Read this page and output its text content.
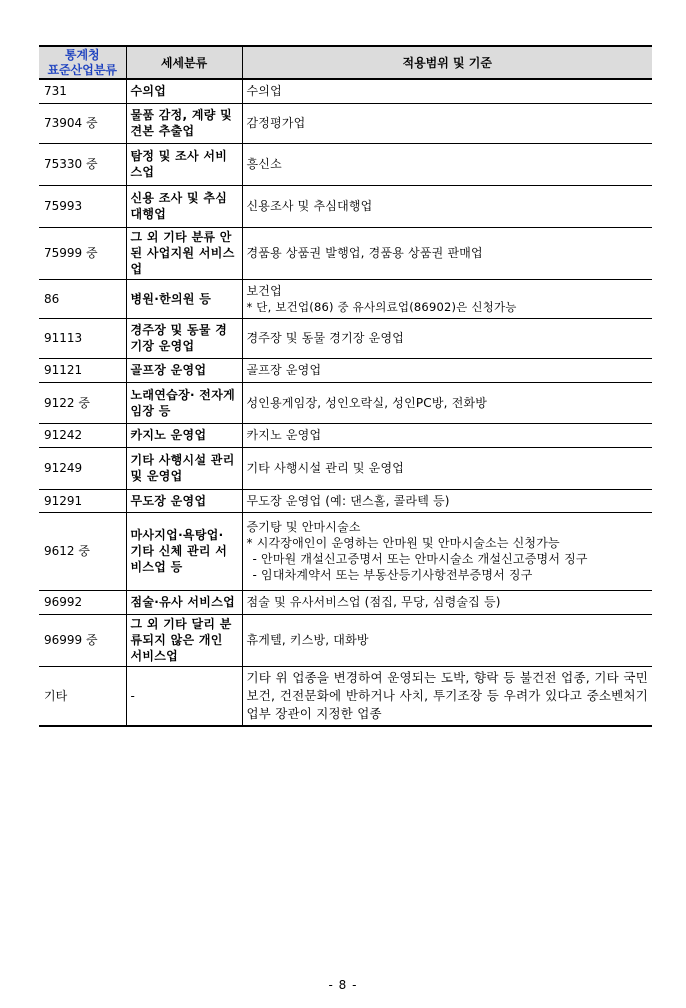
통계청
표준산업분류	세세분류	적용범위 및 기준
731	수의업	수의업

73904 중	물품 감정, 계량 및 견본 추출업	감정평가업

75330 중	탐정 및 조사 서비스업	흥신소

75993	신용 조사 및 추심 대행업	신용조사 및 추심대행업

75999 중	그 외 기타 분류 안된 사업지원 서비스업	경품용 상품권 발행업, 경품용 상품권 판매업

86	병원·한의원 등	보건업
* 단, 보건업(86) 중 유사의료업(86902)은 신청가능

91113	경주장 및 동물 경기장 운영업	경주장 및 동물 경기장 운영업

91121	골프장 운영업	골프장 운영업

9122 중	노래연습장· 전자게임장 등	성인용게임장, 성인오락실, 성인PC방, 전화방

91242	카지노 운영업	카지노 운영업

91249	기타 사행시설 관리 및 운영업	기타 사행시설 관리 및 운영업

91291	무도장 운영업	무도장 운영업 (예: 댄스홀, 콜라텍 등)

9612 중	마사지업·욕탕업· 기타 신체 관리 서비스업 등	증기탕 및 안마시술소
* 시각장애인이 운영하는 안마원 및 안마시술소는 신청가능
- 안마원 개설신고증명서 또는 안마시술소 개설신고증명서 징구
- 임대차계약서 또는 부동산등기사항전부증명서 징구

96992	점술·유사 서비스업	점술 및 유사서비스업 (점집, 무당, 심령술집 등)

96999 중	그 외 기타 달리 분류되지 않은 개인 서비스업	휴게텔, 키스방, 대화방

기타	-	기타 위 업종을 변경하여 운영되는 도박, 향락 등 불건전 업종, 기타 국민보건, 건전문화에 반하거나 사치, 투기조장 등 우려가 있다고 중소벤처기업부 장관이 지정한 업종
- 8 -
